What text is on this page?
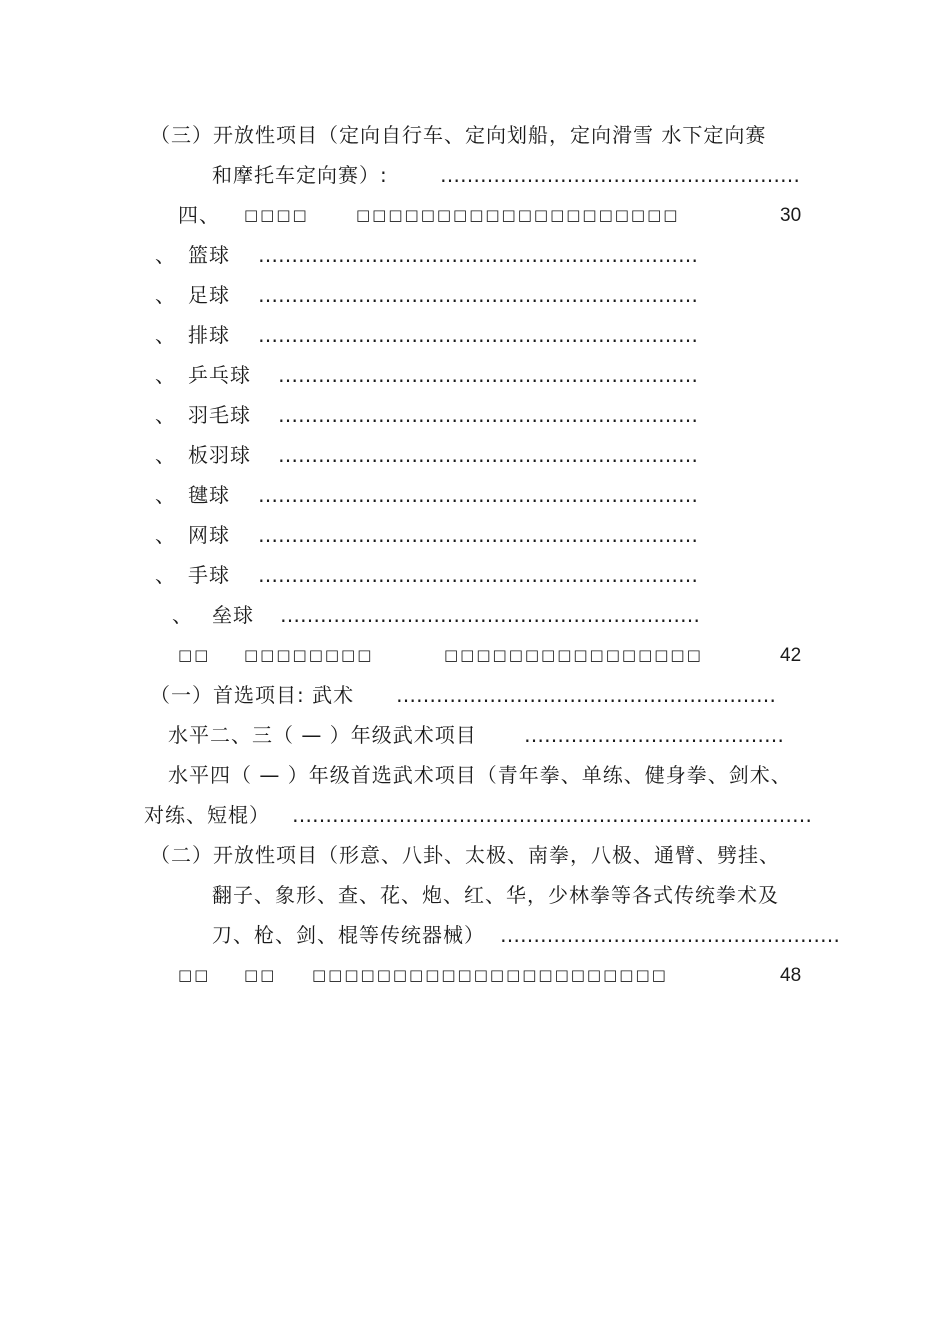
（三）开放性项目（定向自行车、定向划船，定向滑雪 水下定向赛
和摩托车定向赛）:	………………………………………………
四、 □□□□	□□□□□□□□□□□□□□□□□□□□	30
、 篮球 …………………………………………………………
、 足球 …………………………………………………………
、 排球 …………………………………………………………
、 乒乓球 ………………………………………………………
、 羽毛球 ………………………………………………………
、 板羽球 ………………………………………………………
、 毽球 …………………………………………………………
、 网球 …………………………………………………………
、 手球 …………………………………………………………
、 垒球 ………………………………………………………
□□ □□□□□□□□	□□□□□□□□□□□□□□□□	42
（一）首选项目: 武术 …………………………………………………
水平二、三（ — ）年级武术项目 …………………………………
水平四（ — ）年级首选武术项目（青年拳、单练、健身拳、剑术、
对练、短棍） ……………………………………………………………………
（二）开放性项目（形意、八卦、太极、南拳，八极、通臂、劈挂、
翻子、象形、查、花、炮、红、华，少林拳等各式传统拳术及
刀、枪、剑、棍等传统器械） ……………………………………………
□□ □□ □□□□□□□□□□□□□□□□□□□□□□	48
